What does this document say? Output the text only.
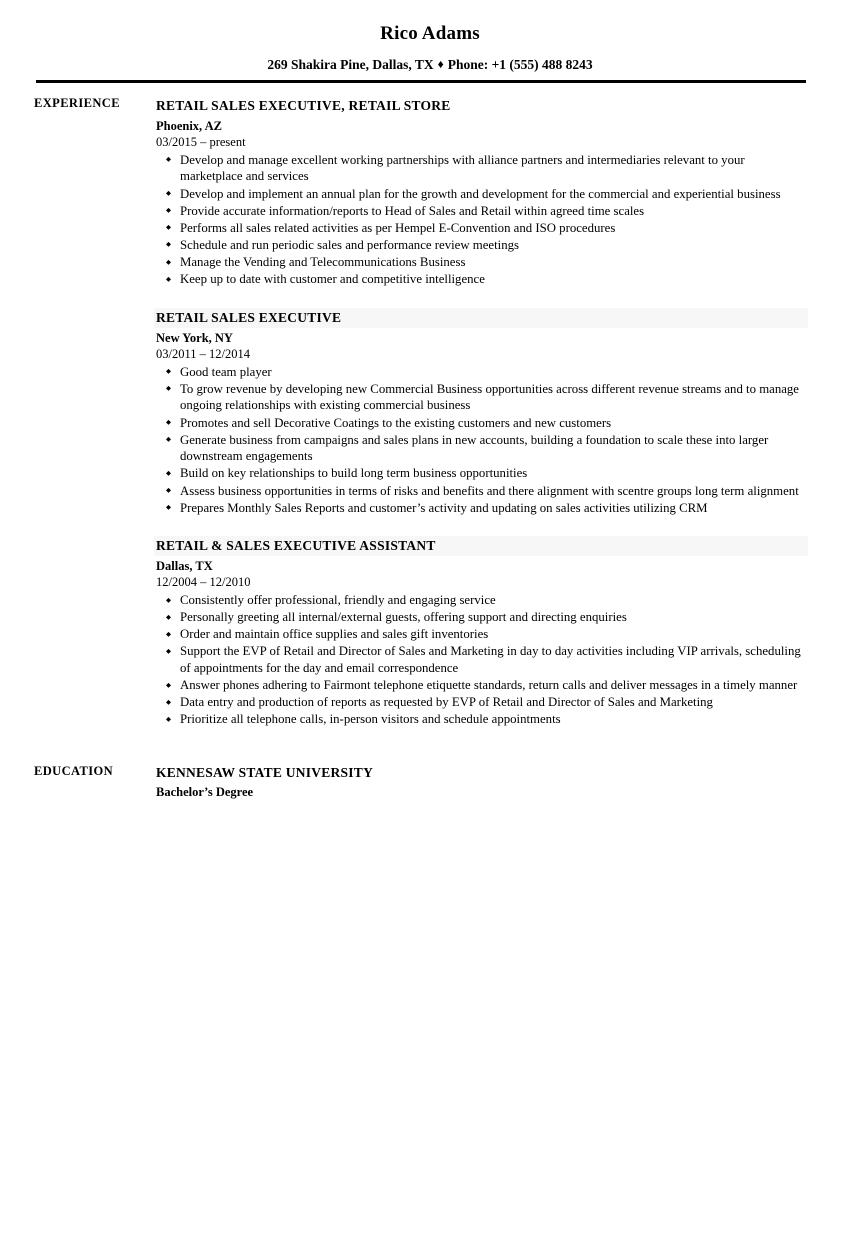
Rico Adams
269 Shakira Pine, Dallas, TX ♦ Phone: +1 (555) 488 8243
EXPERIENCE	RETAIL SALES EXECUTIVE, RETAIL STORE
Phoenix, AZ
03/2015 – present
◆ Develop and manage excellent working partnerships with alliance partners and intermediaries relevant to your marketplace and services
◆ Develop and implement an annual plan for the growth and development for the commercial and experiential business
◆ Provide accurate information/reports to Head of Sales and Retail within agreed time scales
◆ Performs all sales related activities as per Hempel E-Convention and ISO procedures
◆ Schedule and run periodic sales and performance review meetings
◆ Manage the Vending and Telecommunications Business
◆ Keep up to date with customer and competitive intelligence
RETAIL SALES EXECUTIVE
New York, NY
03/2011 – 12/2014
◆ Good team player
◆ To grow revenue by developing new Commercial Business opportunities across different revenue streams and to manage ongoing relationships with existing commercial business
◆ Promotes and sell Decorative Coatings to the existing customers and new customers
◆ Generate business from campaigns and sales plans in new accounts, building a foundation to scale these into larger downstream engagements
◆ Build on key relationships to build long term business opportunities
◆ Assess business opportunities in terms of risks and benefits and there alignment with scentre groups long term alignment
◆ Prepares Monthly Sales Reports and customer’s activity and updating on sales activities utilizing CRM
RETAIL & SALES EXECUTIVE ASSISTANT
Dallas, TX
12/2004 – 12/2010
◆ Consistently offer professional, friendly and engaging service
◆ Personally greeting all internal/external guests, offering support and directing enquiries
◆ Order and maintain office supplies and sales gift inventories
◆ Support the EVP of Retail and Director of Sales and Marketing in day to day activities including VIP arrivals, scheduling of appointments for the day and email correspondence
◆ Answer phones adhering to Fairmont telephone etiquette standards, return calls and deliver messages in a timely manner
◆ Data entry and production of reports as requested by EVP of Retail and Director of Sales and Marketing
◆ Prioritize all telephone calls, in-person visitors and schedule appointments
EDUCATION	KENNESAW STATE UNIVERSITY
Bachelor’s Degree
